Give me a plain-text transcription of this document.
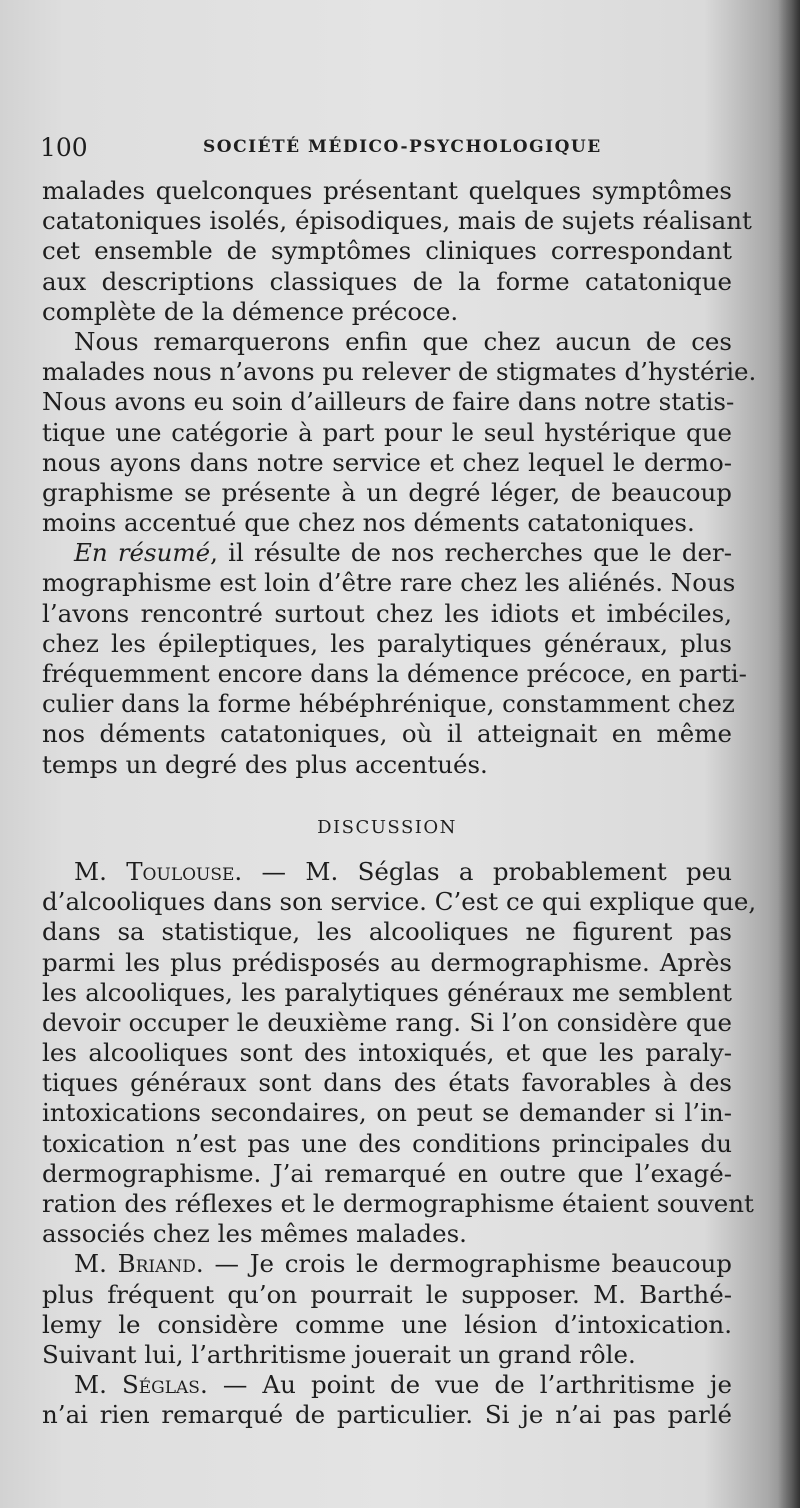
100	SOCIÉTÉ MÉDICO-PSYCHOLOGIQUE
malades quelconques présentant quelques symptômes
catatoniques isolés, épisodiques, mais de sujets réalisant
cet ensemble de symptômes cliniques correspondant
aux descriptions classiques de la forme catatonique
complète de la démence précoce.
Nous remarquerons enfin que chez aucun de ces
malades nous n’avons pu relever de stigmates d’hystérie.
Nous avons eu soin d’ailleurs de faire dans notre statis-
tique une catégorie à part pour le seul hystérique que
nous ayons dans notre service et chez lequel le dermo-
graphisme se présente à un degré léger, de beaucoup
moins accentué que chez nos déments catatoniques.
En résumé, il résulte de nos recherches que le der-
mographisme est loin d’être rare chez les aliénés. Nous
l’avons rencontré surtout chez les idiots et imbéciles,
chez les épileptiques, les paralytiques généraux, plus
fréquemment encore dans la démence précoce, en parti-
culier dans la forme hébéphrénique, constamment chez
nos déments catatoniques, où il atteignait en même
temps un degré des plus accentués.
DISCUSSION
M. Toulouse. — M. Séglas a probablement peu
d’alcooliques dans son service. C’est ce qui explique que,
dans sa statistique, les alcooliques ne figurent pas
parmi les plus prédisposés au dermographisme. Après
les alcooliques, les paralytiques généraux me semblent
devoir occuper le deuxième rang. Si l’on considère que
les alcooliques sont des intoxiqués, et que les paraly-
tiques généraux sont dans des états favorables à des
intoxications secondaires, on peut se demander si l’in-
toxication n’est pas une des conditions principales du
dermographisme. J’ai remarqué en outre que l’exagé-
ration des réflexes et le dermographisme étaient souvent
associés chez les mêmes malades.
M. Briand. — Je crois le dermographisme beaucoup
plus fréquent qu’on pourrait le supposer. M. Barthé-
lemy le considère comme une lésion d’intoxication.
Suivant lui, l’arthritisme jouerait un grand rôle.
M. Séglas. — Au point de vue de l’arthritisme je
n’ai rien remarqué de particulier. Si je n’ai pas parlé
